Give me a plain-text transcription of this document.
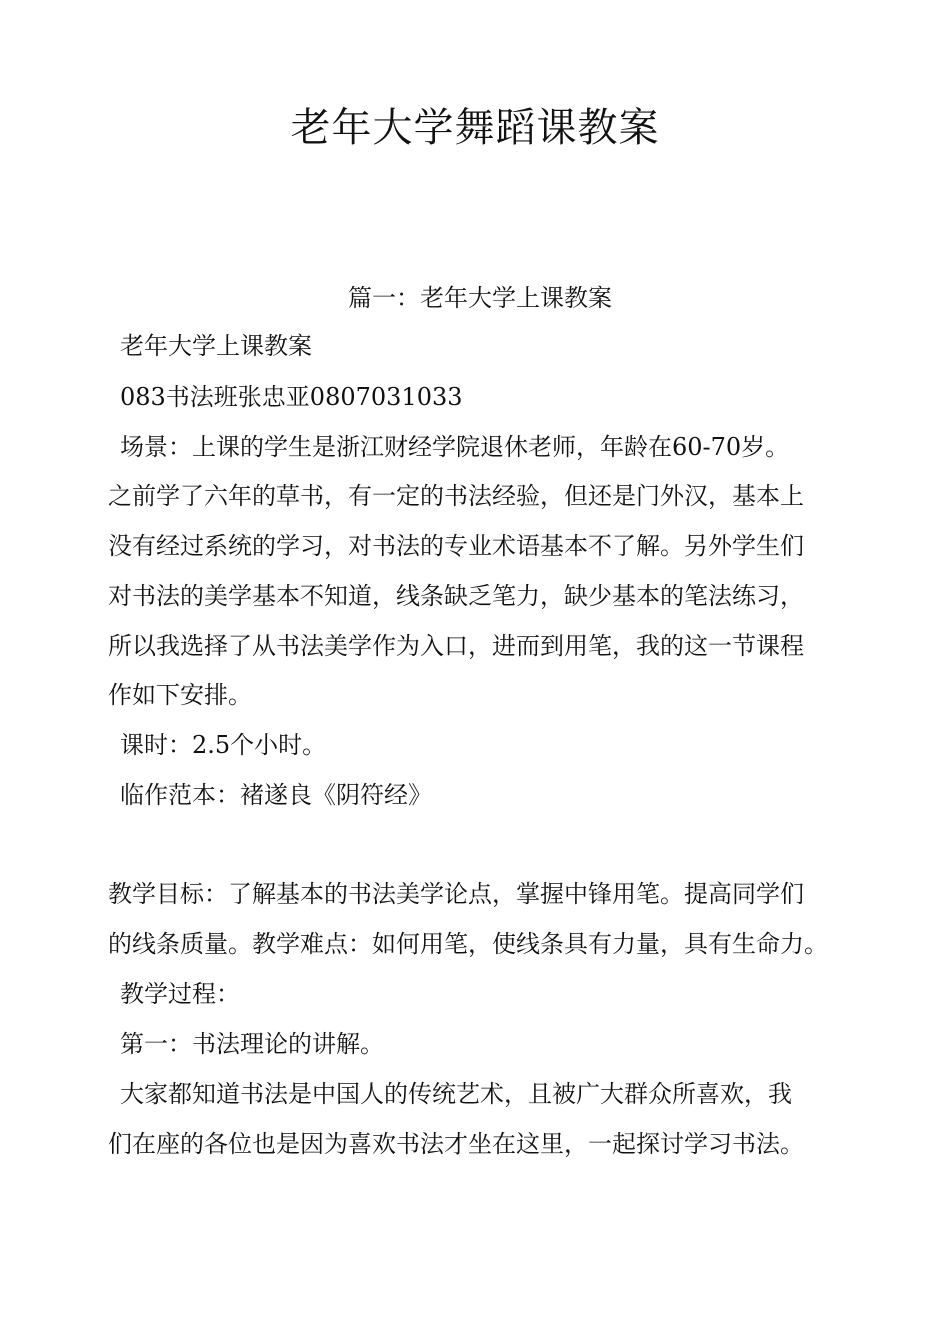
老年大学舞蹈课教案
篇一：老年大学上课教案

老年大学上课教案

083书法班张忠亚0807031033

场景：上课的学生是浙江财经学院退休老师，年龄在60-70岁。

之前学了六年的草书，有一定的书法经验，但还是门外汉，基本上

没有经过系统的学习，对书法的专业术语基本不了解。另外学生们

对书法的美学基本不知道，线条缺乏笔力，缺少基本的笔法练习，

所以我选择了从书法美学作为入口，进而到用笔，我的这一节课程

作如下安排。

课时：2.5个小时。

临作范本：褚遂良《阴符经》

教学目标：了解基本的书法美学论点，掌握中锋用笔。提高同学们

的线条质量。教学难点：如何用笔，使线条具有力量，具有生命力。

教学过程：

第一：书法理论的讲解。

大家都知道书法是中国人的传统艺术，且被广大群众所喜欢，我

们在座的各位也是因为喜欢书法才坐在这里，一起探讨学习书法。
